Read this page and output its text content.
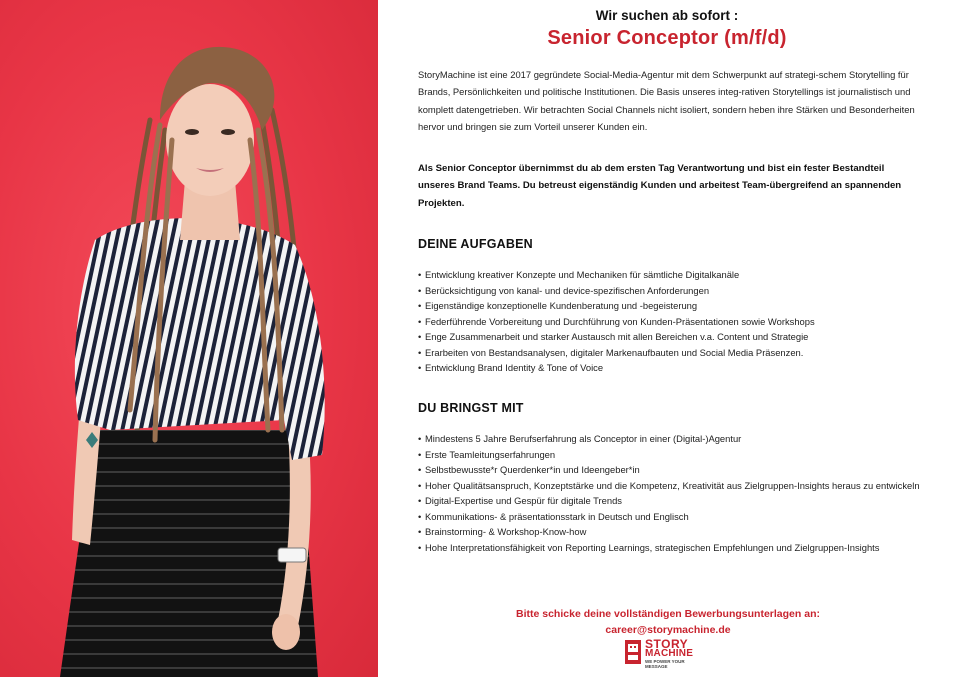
Wir suchen ab sofort :
Senior Conceptor (m/f/d)

StoryMachine ist eine 2017 gegründete Social-Media-Agentur mit dem Schwerpunkt auf strategi-schem Storytelling für Brands, Persönlichkeiten und politische Institutionen. Die Basis unseres integ-rativen Storytellings ist journalistisch und komplett datengetrieben. Wir betrachten Social Channels nicht isoliert, sondern heben ihre Stärken und Besonderheiten hervor und bringen sie zum Vorteil unserer Kunden ein.

Als Senior Conceptor übernimmst du ab dem ersten Tag Verantwortung und bist ein fester Bestandteil unseres Brand Teams. Du betreust eigenständig Kunden und arbeitest Team-übergreifend an spannenden Projekten.

DEINE AUFGABEN
• Entwicklung kreativer Konzepte und Mechaniken für sämtliche Digitalkanäle
• Berücksichtigung von kanal- und device-spezifischen Anforderungen
• Eigenständige konzeptionelle Kundenberatung und -begeisterung
• Federführende Vorbereitung und Durchführung von Kunden-Präsentationen sowie Workshops
• Enge Zusammenarbeit und starker Austausch mit allen Bereichen v.a. Content und Strategie
• Erarbeiten von Bestandsanalysen, digitaler Markenaufbauten und Social Media Präsenzen.
• Entwicklung Brand Identity & Tone of Voice
DU BRINGST MIT
• Mindestens 5 Jahre Berufserfahrung als Conceptor in einer (Digital-)Agentur
• Erste Teamleitungserfahrungen
• Selbstbewusste*r Querdenker*in und Ideengeber*in
• Hoher Qualitätsanspruch, Konzeptstärke und die Kompetenz, Kreativität aus Zielgruppen-Insights heraus zu entwickeln
• Digital-Expertise und Gespür für digitale Trends
• Kommunikations- & präsentationsstark in Deutsch und Englisch
• Brainstorming- & Workshop-Know-how
• Hohe Interpretationsfähigkeit von Reporting Learnings, strategischen Empfehlungen und Zielgruppen-Insights
Bitte schicke deine vollständigen Bewerbungsunterlagen an:
career@storymachine.de
STORY
MACHINE
WE POWER YOUR MESSAGE
